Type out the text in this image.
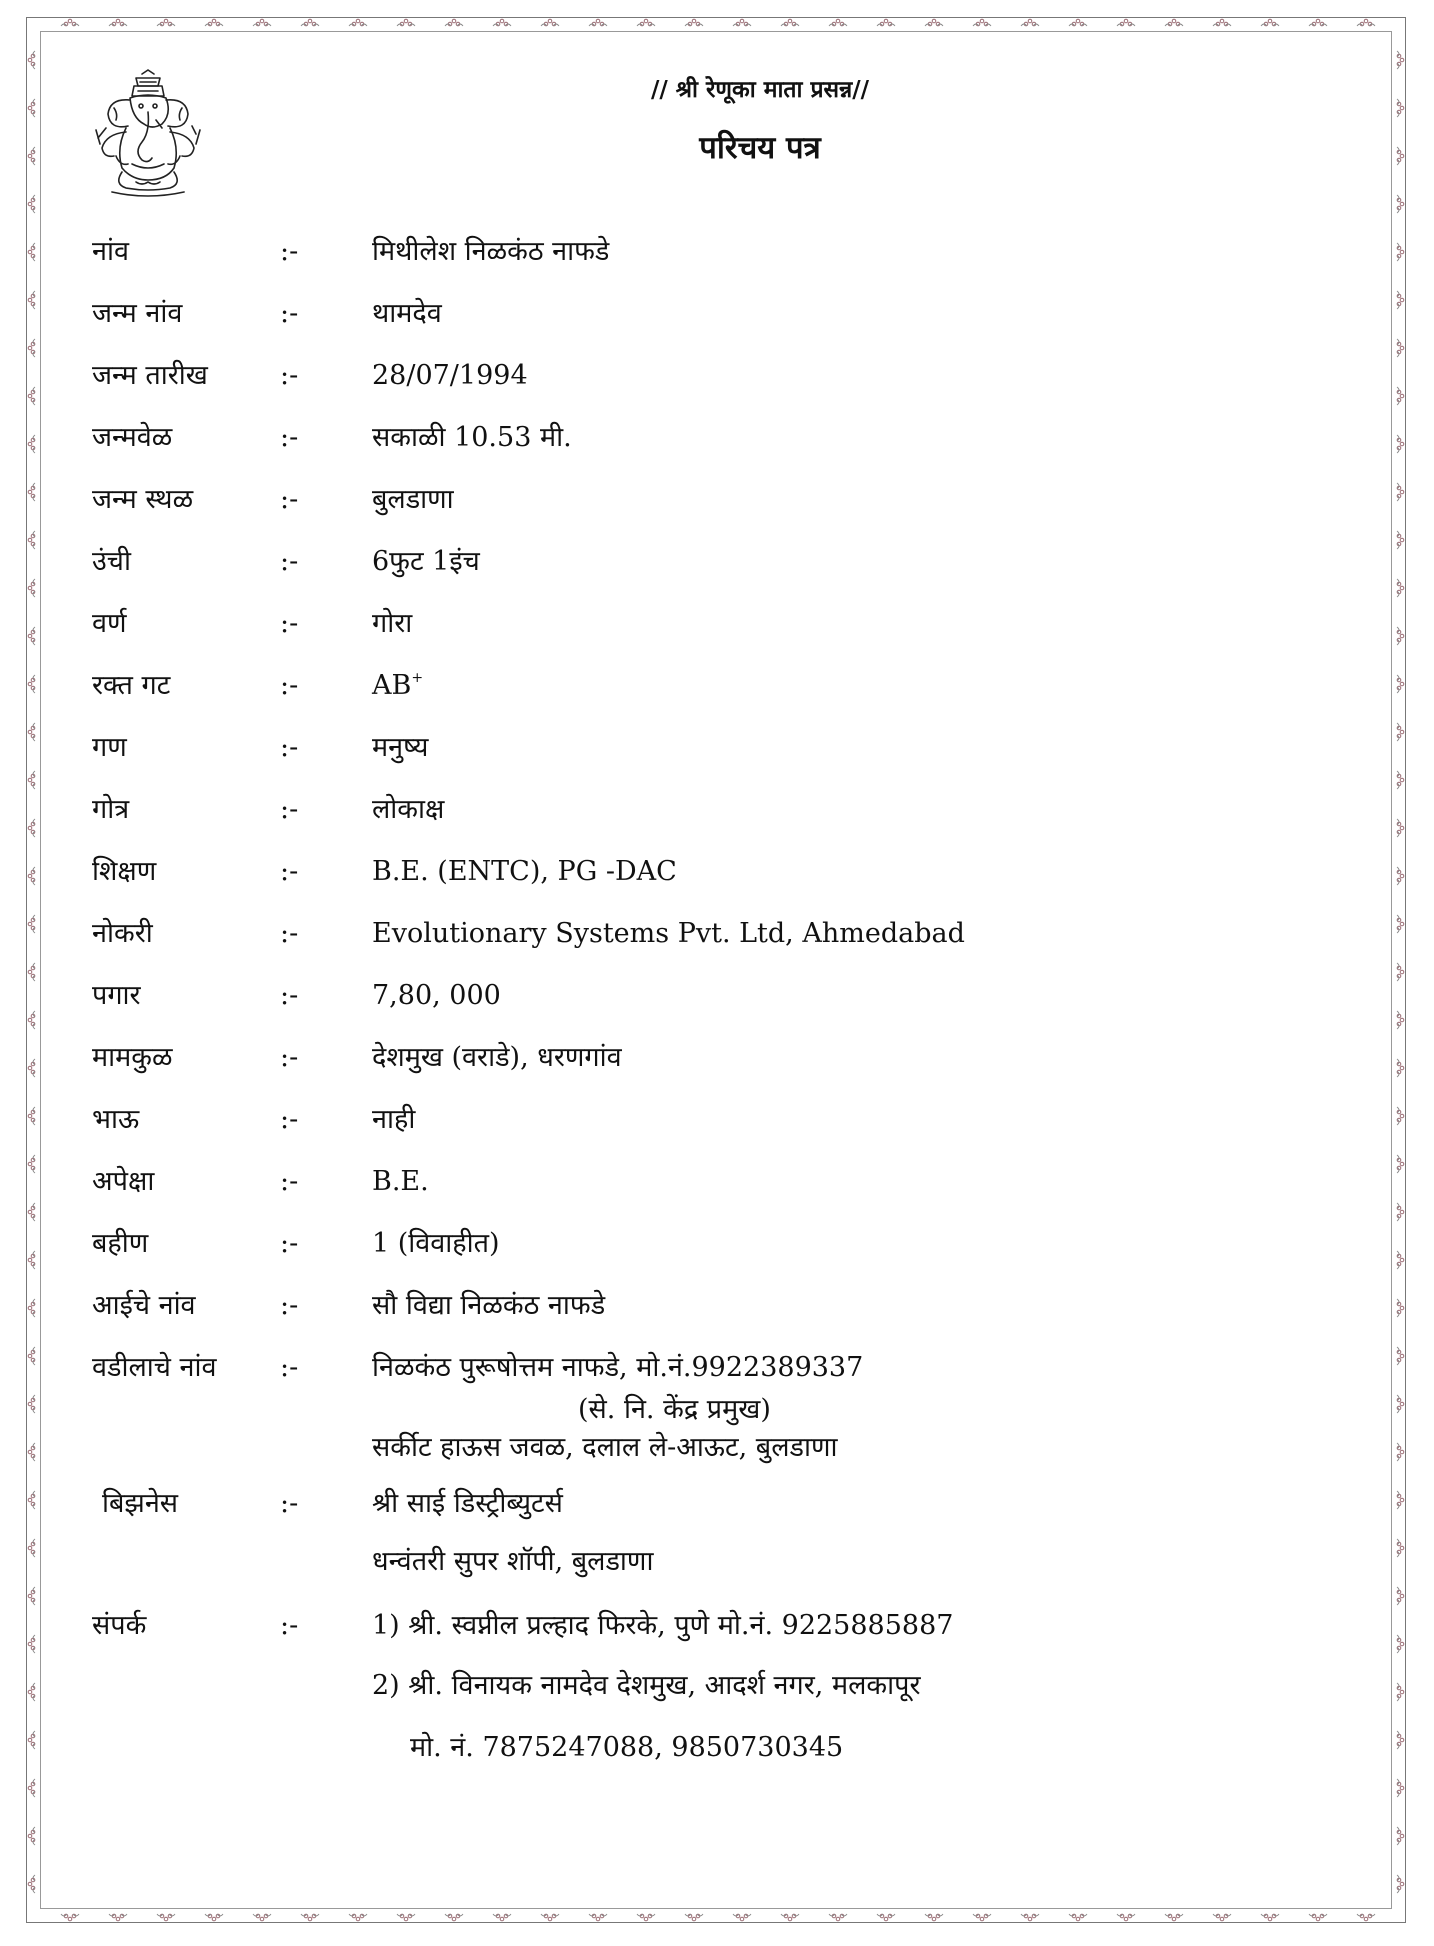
// श्री रेणूका माता प्रसन्न//
परिचय पत्र
नांव	:-	मिथीलेश निळकंठ नाफडे
जन्म नांव	:-	थामदेव
जन्म तारीख	:-	28/07/1994
जन्मवेळ	:-	सकाळी 10.53 मी.
जन्म स्थळ	:-	बुलडाणा
उंची	:-	6फुट 1इंच
वर्ण	:-	गोरा
रक्त गट	:-	AB+
गण	:-	मनुष्य
गोत्र	:-	लोकाक्ष
शिक्षण	:-	B.E. (ENTC), PG -DAC
नोकरी	:-	Evolutionary Systems Pvt. Ltd, Ahmedabad
पगार	:-	7,80, 000
मामकुळ	:-	देशमुख (वराडे), धरणगांव
भाऊ	:-	नाही
अपेक्षा	:-	B.E.
बहीण	:-	1 (विवाहीत)
आईचे नांव	:-	सौ विद्या निळकंठ नाफडे
वडीलाचे नांव :-	निळकंठ पुरूषोत्तम नाफडे, मो.नं.9922389337
(से. नि. केंद्र प्रमुख)
सर्कीट हाऊस जवळ, दलाल ले-आऊट, बुलडाणा
बिझनेस	:-	श्री साई डिस्ट्रीब्युटर्स
धन्वंतरी सुपर शॉपी, बुलडाणा
संपर्क	:-	1) श्री. स्वप्नील प्रल्हाद फिरके, पुणे मो.नं. 9225885887
2) श्री. विनायक नामदेव देशमुख, आदर्श नगर, मलकापूर
मो. नं. 7875247088, 9850730345
